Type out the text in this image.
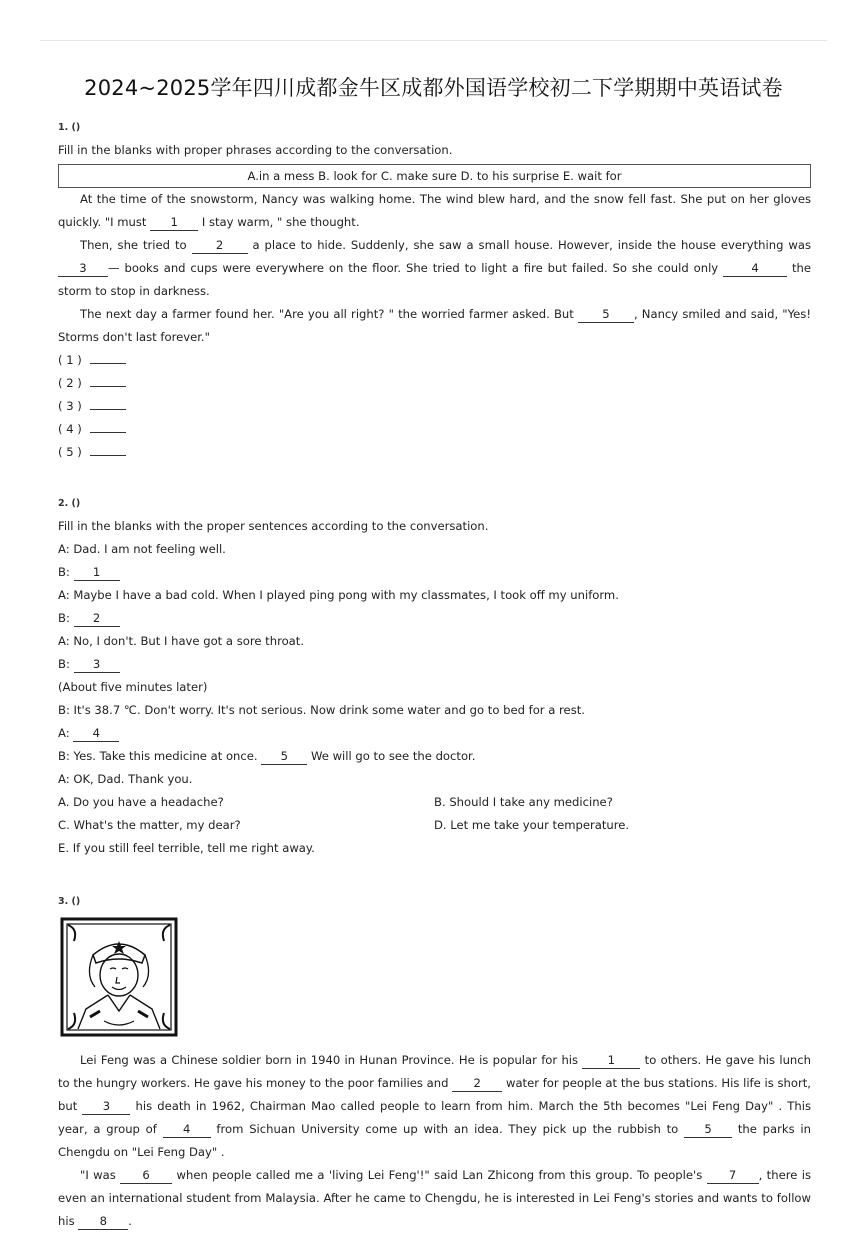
2024~2025学年四川成都金牛区成都外国语学校初二下学期期中英语试卷
1. ()

Fill in the blanks with proper phrases according to the conversation.

A.in a mess B. look for C. make sure D. to his surprise E. wait for

At the time of the snowstorm, Nancy was walking home. The wind blew hard, and the snow fell fast. She put on her gloves quickly. "I must 1 I stay warm, " she thought.

Then, she tried to 2 a place to hide. Suddenly, she saw a small house. However, inside the house everything was 3 — books and cups were everywhere on the floor. She tried to light a fire but failed. So she could only 4 the storm to stop in darkness.

The next day a farmer found her. "Are you all right? " the worried farmer asked. But 5 , Nancy smiled and said, "Yes! Storms don't last forever."

( 1 )
( 2 )
( 3 )
( 4 )
( 5 )
2. ()

Fill in the blanks with the proper sentences according to the conversation.

A: Dad. I am not feeling well.

B: 1

A: Maybe I have a bad cold. When I played ping pong with my classmates, I took off my uniform.

B: 2

A: No, I don't. But I have got a sore throat.

B: 3

(About five minutes later)

B: It's 38.7 ℃. Don't worry. It's not serious. Now drink some water and go to bed for a rest.

A: 4

B: Yes. Take this medicine at once. 5 We will go to see the doctor.

A: OK, Dad. Thank you.

A. Do you have a headache?	B. Should I take any medicine?
C. What's the matter, my dear?	D. Let me take your temperature.
E. If you still feel terrible, tell me right away.
3. ()

Lei Feng was a Chinese soldier born in 1940 in Hunan Province. He is popular for his 1 to others. He gave his lunch to the hungry workers. He gave his money to the poor families and 2 water for people at the bus stations. His life is short, but 3 his death in 1962, Chairman Mao called people to learn from him. March the 5th becomes "Lei Feng Day" . This year, a group of 4 from Sichuan University come up with an idea. They pick up the rubbish to 5 the parks in Chengdu on "Lei Feng Day" .

"I was 6 when people called me a 'living Lei Feng'!" said Lan Zhicong from this group. To people's 7 , there is even an international student from Malaysia. After he came to Chengdu, he is interested in Lei Feng's stories and wants to follow his 8 .
